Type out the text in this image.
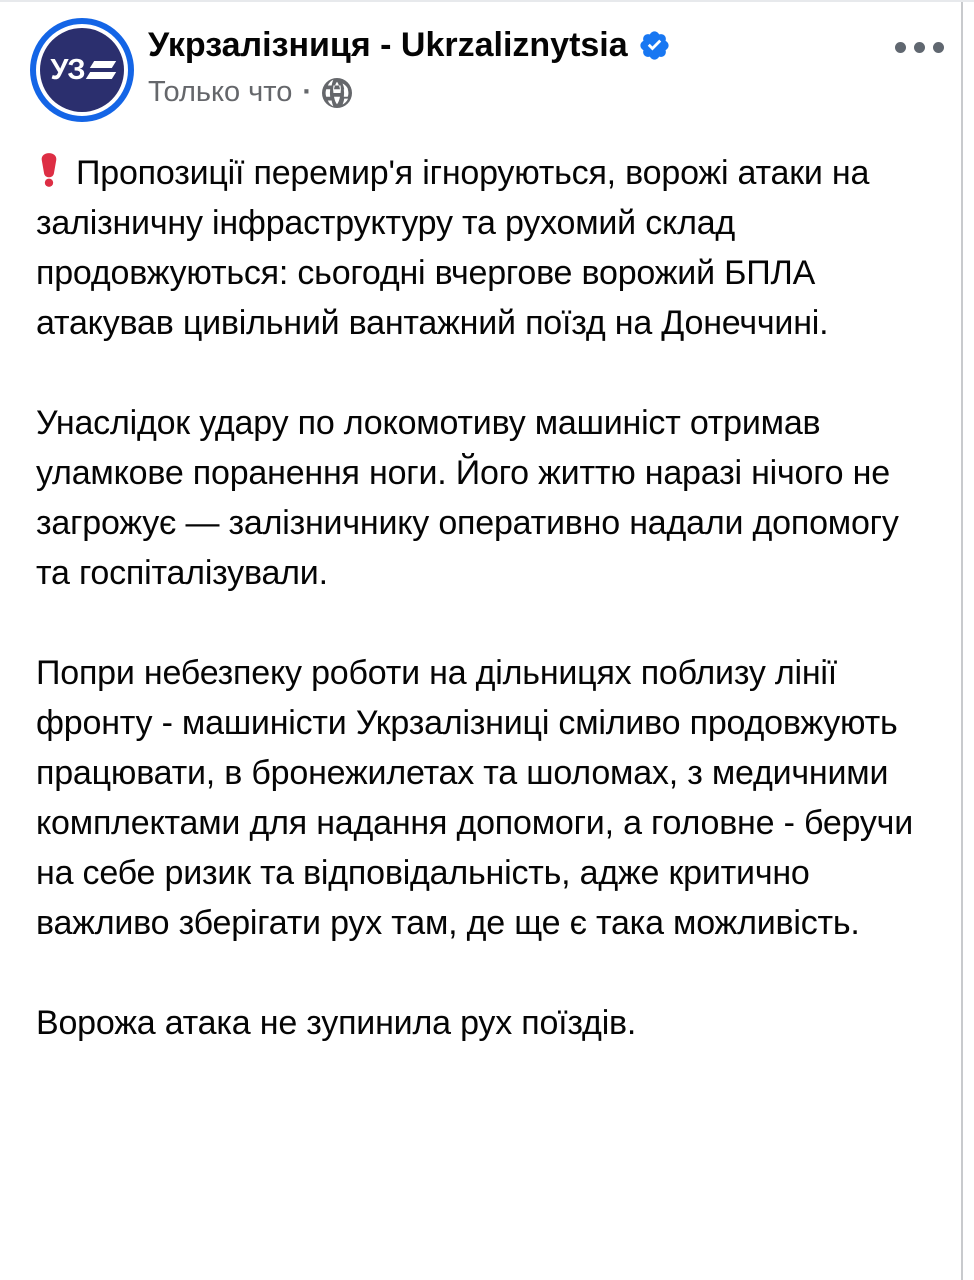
УЗ
Укрзалізниця - Ukrzaliznytsia
Только что ·

Пропозиції перемир'я ігноруються, ворожі атаки на залізничну інфраструктуру та рухомий склад продовжуються: сьогодні вчергове ворожий БПЛА атакував цивільний вантажний поїзд на Донеччині.

Унаслідок удару по локомотиву машиніст отримав уламкове поранення ноги. Його життю наразі нічого не загрожує — залізничнику оперативно надали допомогу та госпіталізували.

Попри небезпеку роботи на дільницях поблизу лінії фронту - машиністи Укрзалізниці сміливо продовжують працювати, в бронежилетах та шоломах, з медичними комплектами для надання допомоги, а головне - беручи на себе ризик та відповідальність, адже критично важливо зберігати рух там, де ще є така можливість.

Ворожа атака не зупинила рух поїздів.
